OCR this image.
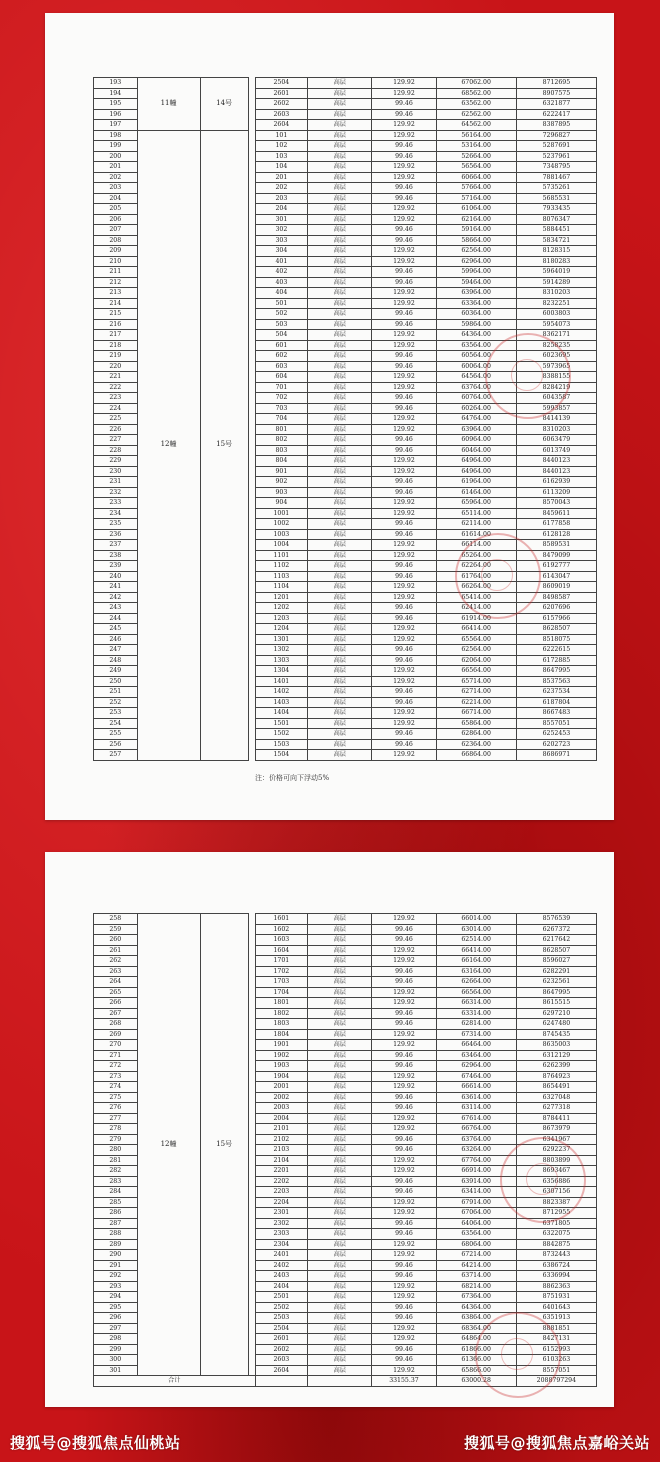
193	11幢	14号			2504	高层	129.92	67062.00	8712695
194					2601	高层	129.92	68562.00	8907575
195					2602	高层	99.46	63562.00	6321877
196					2603	高层	99.46	62562.00	6222417
197					2604	高层	129.92	64562.00	8387895
198	12幢	15号			101	高层	129.92	56164.00	7296827
199					102	高层	99.46	53164.00	5287691
200					103	高层	99.46	52664.00	5237961
201					104	高层	129.92	56564.00	7348795
202					201	高层	129.92	60664.00	7881467
203					202	高层	99.46	57664.00	5735261
204					203	高层	99.46	57164.00	5685531
205					204	高层	129.92	61064.00	7933435
206					301	高层	129.92	62164.00	8076347
207					302	高层	99.46	59164.00	5884451
208					303	高层	99.46	58664.00	5834721
209					304	高层	129.92	62564.00	8128315
210					401	高层	129.92	62964.00	8180283
211					402	高层	99.46	59964.00	5964019
212					403	高层	99.46	59464.00	5914289
213					404	高层	129.92	63964.00	8310203
214					501	高层	129.92	63364.00	8232251
215					502	高层	99.46	60364.00	6003803
216					503	高层	99.46	59864.00	5954073
217					504	高层	129.92	64364.00	8362171
218					601	高层	129.92	63564.00	8258235
219					602	高层	99.46	60564.00	6023695
220					603	高层	99.46	60064.00	5973965
221					604	高层	129.92	64564.00	8388155
222					701	高层	129.92	63764.00	8284219
223					702	高层	99.46	60764.00	6043587
224					703	高层	99.46	60264.00	5993857
225					704	高层	129.92	64764.00	8414139
226					801	高层	129.92	63964.00	8310203
227					802	高层	99.46	60964.00	6063479
228					803	高层	99.46	60464.00	6013749
229					804	高层	129.92	64964.00	8440123
230					901	高层	129.92	64964.00	8440123
231					902	高层	99.46	61964.00	6162939
232					903	高层	99.46	61464.00	6113209
233					904	高层	129.92	65964.00	8570043
234					1001	高层	129.92	65114.00	8459611
235					1002	高层	99.46	62114.00	6177858
236					1003	高层	99.46	61614.00	6128128
237					1004	高层	129.92	66114.00	8589531
238					1101	高层	129.92	65264.00	8479099
239					1102	高层	99.46	62264.00	6192777
240					1103	高层	99.46	61764.00	6143047
241					1104	高层	129.92	66264.00	8609019
242					1201	高层	129.92	65414.00	8498587
243					1202	高层	99.46	62414.00	6207696
244					1203	高层	99.46	61914.00	6157966
245					1204	高层	129.92	66414.00	8628507
246					1301	高层	129.92	65564.00	8518075
247					1302	高层	99.46	62564.00	6222615
248					1303	高层	99.46	62064.00	6172885
249					1304	高层	129.92	66564.00	8647995
250					1401	高层	129.92	65714.00	8537563
251					1402	高层	99.46	62714.00	6237534
252					1403	高层	99.46	62214.00	6187804
253					1404	高层	129.92	66714.00	8667483
254					1501	高层	129.92	65864.00	8557051
255					1502	高层	99.46	62864.00	6252453
256					1503	高层	99.46	62364.00	6202723
257					1504	高层	129.92	66864.00	8686971
注：价格可向下浮动5%
258	12幢	15号			1601	高层	129.92	66014.00	8576539
259					1602	高层	99.46	63014.00	6267372
260					1603	高层	99.46	62514.00	6217642
261					1604	高层	129.92	66414.00	8628507
262					1701	高层	129.92	66164.00	8596027
263					1702	高层	99.46	63164.00	6282291
264					1703	高层	99.46	62664.00	6232561
265					1704	高层	129.92	66564.00	8647995
266					1801	高层	129.92	66314.00	8615515
267					1802	高层	99.46	63314.00	6297210
268					1803	高层	99.46	62814.00	6247480
269					1804	高层	129.92	67314.00	8745435
270					1901	高层	129.92	66464.00	8635003
271					1902	高层	99.46	63464.00	6312129
272					1903	高层	99.46	62964.00	6262399
273					1904	高层	129.92	67464.00	8764923
274					2001	高层	129.92	66614.00	8654491
275					2002	高层	99.46	63614.00	6327048
276					2003	高层	99.46	63114.00	6277318
277					2004	高层	129.92	67614.00	8784411
278					2101	高层	129.92	66764.00	8673979
279					2102	高层	99.46	63764.00	6341967
280					2103	高层	99.46	63264.00	6292237
281					2104	高层	129.92	67764.00	8803899
282					2201	高层	129.92	66914.00	8693467
283					2202	高层	99.46	63914.00	6356886
284					2203	高层	99.46	63414.00	6307156
285					2204	高层	129.92	67914.00	8823387
286					2301	高层	129.92	67064.00	8712955
287					2302	高层	99.46	64064.00	6371805
288					2303	高层	99.46	63564.00	6322075
289					2304	高层	129.92	68064.00	8842875
290					2401	高层	129.92	67214.00	8732443
291					2402	高层	99.46	64214.00	6386724
292					2403	高层	99.46	63714.00	6336994
293					2404	高层	129.92	68214.00	8862363
294					2501	高层	129.92	67364.00	8751931
295					2502	高层	99.46	64364.00	6401643
296					2503	高层	99.46	63864.00	6351913
297					2504	高层	129.92	68364.00	8881851
298					2601	高层	129.92	64864.00	8427131
299					2602	高层	99.46	61866.00	6152993
300					2603	高层	99.46	61366.00	6103263
301					2604	高层	129.92	65866.00	8557051
合计							33155.37	63000.28	2088797294
搜狐号@搜狐焦点仙桃站	搜狐号@搜狐焦点嘉峪关站
